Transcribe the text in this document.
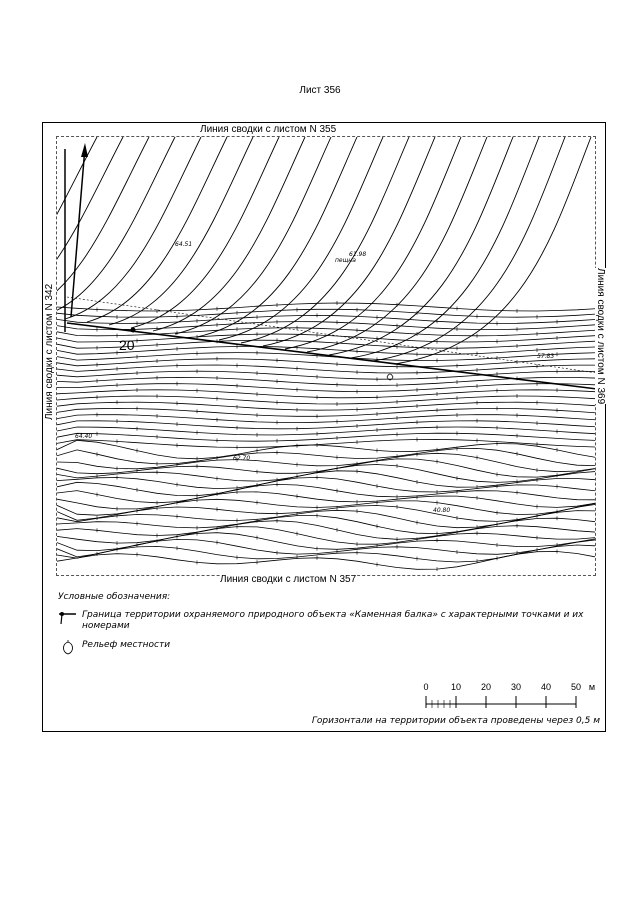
Лист 356
20
64.51
61.98
пещна
57.83
64.40
62.70
40.80
Линия сводки с листом N 355
Линия сводки с листом N 357
Линия сводки с листом N 342	Линия сводки с листом N 369
Условные обозначения:
Граница территории охраняемого природного объекта «Каменная балка» с характерными точками и их номерами
Рельеф местности
0 10 20 30 40 50 м
Горизонтали на территории объекта проведены через 0,5 м
